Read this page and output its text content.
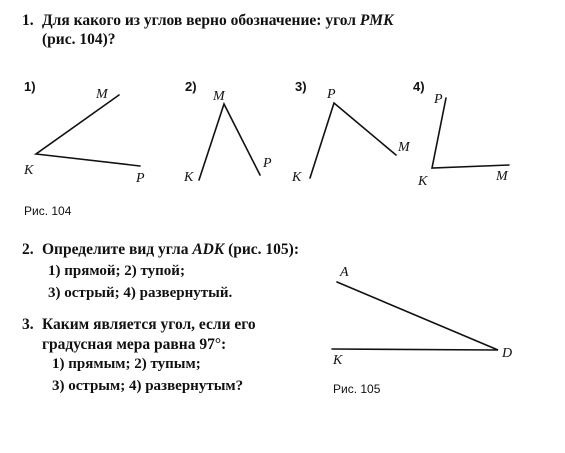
1. Для какого из углов верно обозначение: угол PMK
(рис. 104)?
1)	2)	3)	4)
M
K
P
M
K
P
P
M
K
P
K	M
A
K	D
Рис. 104
2. Определите вид угла ADK (рис. 105):
1) прямой; 2) тупой;
3) острый; 4) развернутый.
3. Каким является угол, если его
градусная мера равна 97°:
1) прямым; 2) тупым;
3) острым; 4) развернутым?	Рис. 105
